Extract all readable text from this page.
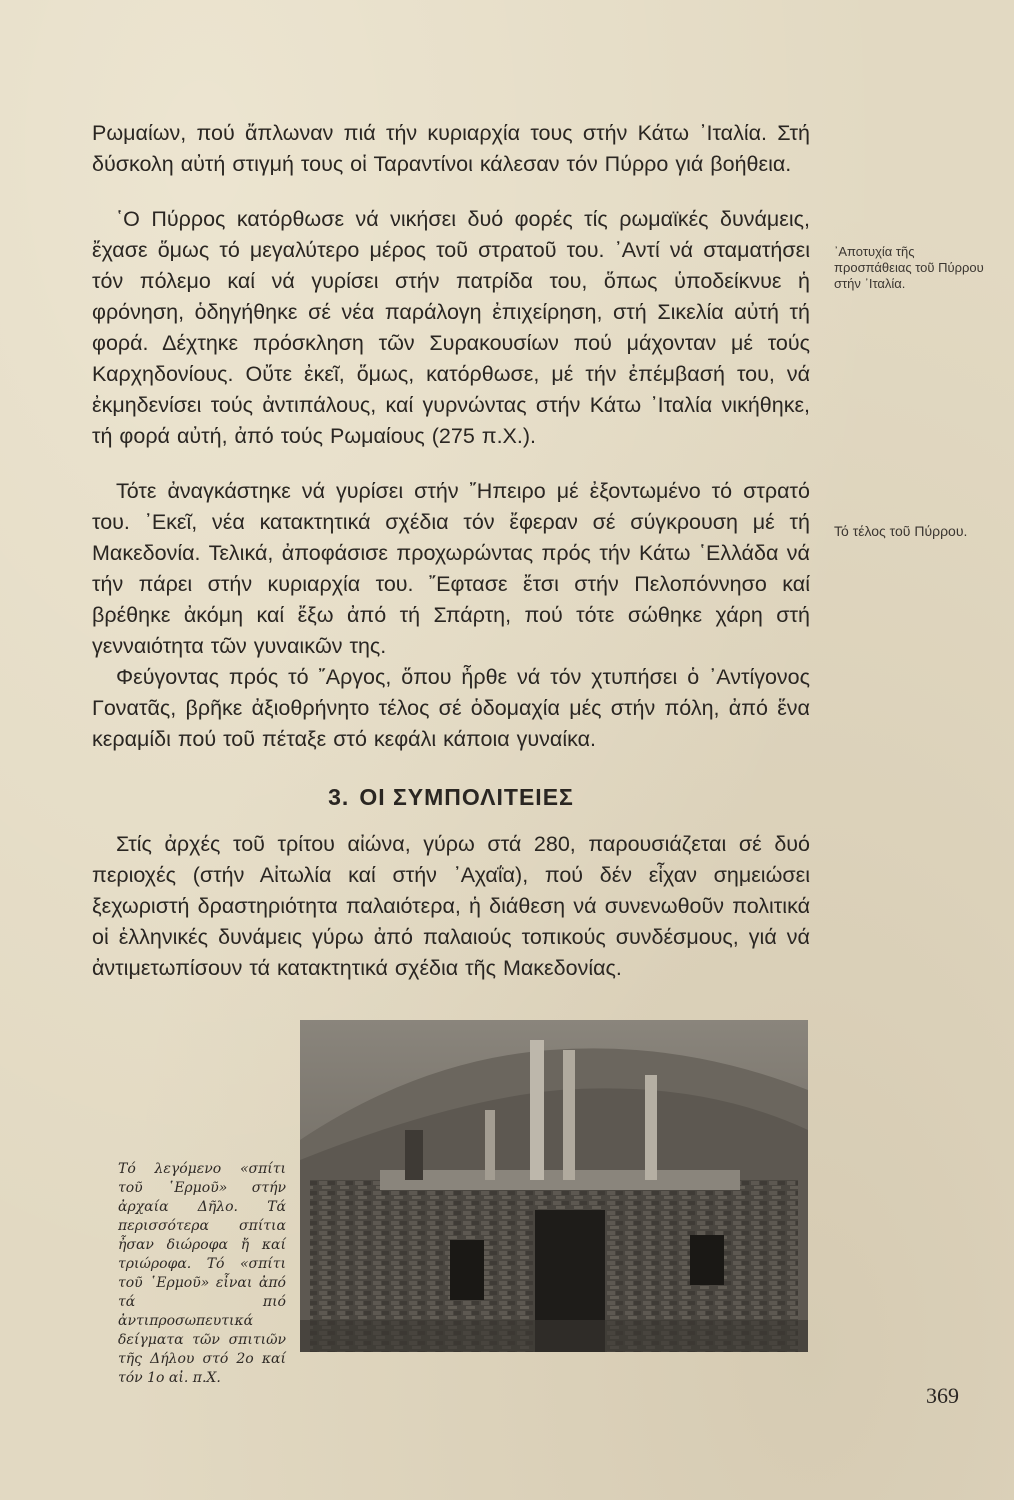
Ρωμαίων, πού ἄπλωναν πιά τήν κυριαρχία τους στήν Κάτω ᾽Ιταλία. Στή δύσκολη αὐτή στιγμή τους οἱ Ταραντίνοι κάλεσαν τόν Πύρρο γιά βοήθεια.

῾Ο Πύρρος κατόρθωσε νά νικήσει δυό φορές τίς ρωμαϊκές δυνάμεις, ἔχασε ὅμως τό μεγαλύτερο μέρος τοῦ στρατοῦ του. ᾽Αντί νά σταματήσει τόν πόλεμο καί νά γυρίσει στήν πατρίδα του, ὅπως ὑποδείκνυε ἡ φρόνηση, ὁδηγήθηκε σέ νέα παράλογη ἐπιχείρηση, στή Σικελία αὐτή τή φορά. Δέχτηκε πρόσκληση τῶν Συρακουσίων πού μάχονταν μέ τούς Καρχηδονίους. Οὔτε ἐκεῖ, ὅμως, κατόρθωσε, μέ τήν ἐπέμβασή του, νά ἐκμηδενίσει τούς ἀντιπάλους, καί γυρνώντας στήν Κάτω ᾽Ιταλία νικήθηκε, τή φορά αὐτή, ἀπό τούς Ρωμαίους (275 π.Χ.).

Τότε ἀναγκάστηκε νά γυρίσει στήν ῎Ηπειρο μέ ἐξοντωμένο τό στρατό του. ᾽Εκεῖ, νέα κατακτητικά σχέδια τόν ἔφεραν σέ σύγκρουση μέ τή Μακεδονία. Τελικά, ἀποφάσισε προχωρώντας πρός τήν Κάτω ῾Ελλάδα νά τήν πάρει στήν κυριαρχία του. ῎Εφτασε ἔτσι στήν Πελοπόννησο καί βρέθηκε ἀκόμη καί ἔξω ἀπό τή Σπάρτη, πού τότε σώθηκε χάρη στή γενναιότητα τῶν γυναικῶν της.

Φεύγοντας πρός τό ῎Αργος, ὅπου ἦρθε νά τόν χτυπήσει ὁ ᾽Αντίγονος Γονατᾶς, βρῆκε ἀξιοθρήνητο τέλος σέ ὁδομαχία μές στήν πόλη, ἀπό ἕνα κεραμίδι πού τοῦ πέταξε στό κεφάλι κάποια γυναίκα.

3. ΟΙ ΣΥΜΠΟΛΙΤΕΙΕΣ

Στίς ἀρχές τοῦ τρίτου αἰώνα, γύρω στά 280, παρουσιάζεται σέ δυό περιοχές (στήν Αἰτωλία καί στήν ᾽Αχαΐα), πού δέν εἶχαν σημειώσει ξεχωριστή δραστηριότητα παλαιότερα, ἡ διάθεση νά συνενωθοῦν πολιτικά οἱ ἑλληνικές δυνάμεις γύρω ἀπό παλαιούς τοπικούς συνδέσμους, γιά νά ἀντιμετωπίσουν τά κατακτητικά σχέδια τῆς Μακεδονίας.

᾽Αποτυχία τῆς προσπάθειας τοῦ Πύρρου στήν ᾽Ιταλία.
Τό τέλος τοῦ Πύρρου.
Τό λεγόμενο «σπίτι τοῦ ῾Ερμοῦ» στήν ἀρχαία Δῆλο. Τά περισσότερα σπίτια ἦσαν διώροφα ἤ καί τριώροφα. Τό «σπίτι τοῦ ῾Ερμοῦ» εἶναι ἀπό τά πιό ἀντιπροσωπευτικά δείγματα τῶν σπιτιῶν τῆς Δήλου στό 2ο καί τόν 1ο αἰ. π.Χ.
369
